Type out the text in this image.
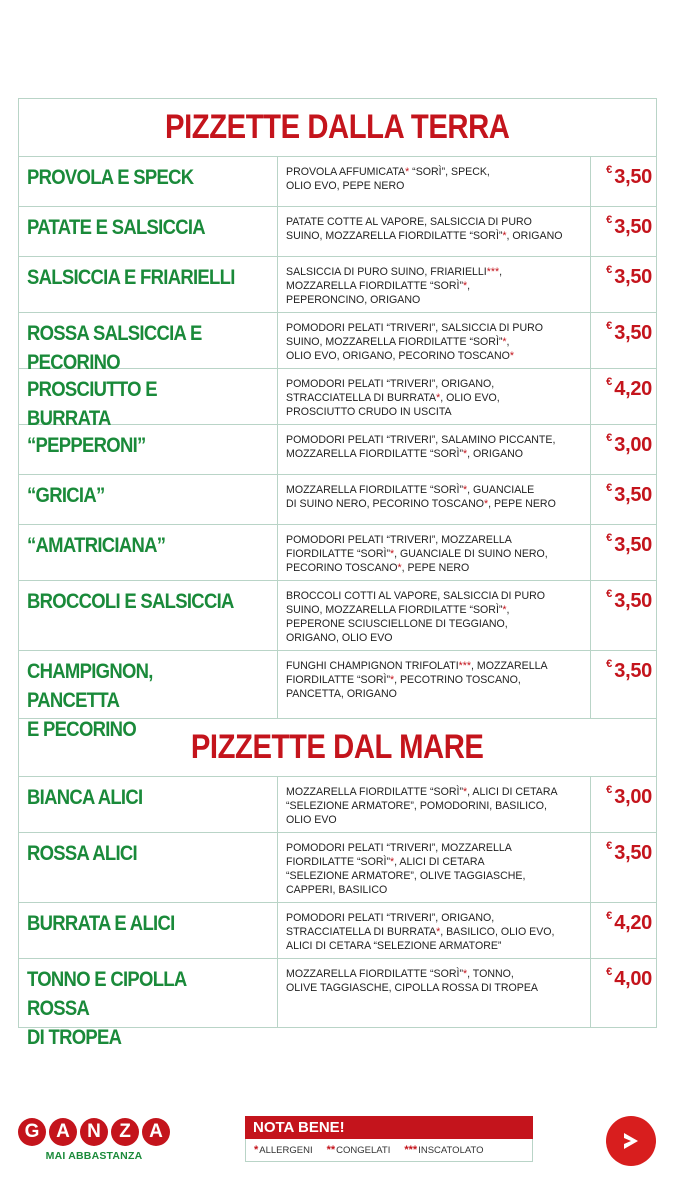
PIZZETTE DALLA TERRA
PROVOLA E SPECK	PROVOLA AFFUMICATA* “SORÌ”, SPECK,
OLIO EVO, PEPE NERO
€ 3,50
PATATE E SALSICCIA	PATATE COTTE AL VAPORE, SALSICCIA DI PURO
SUINO, MOZZARELLA FIORDILATTE “SORÌ”*, ORIGANO
€ 3,50
SALSICCIA E FRIARIELLI	SALSICCIA DI PURO SUINO, FRIARIELLI***,
MOZZARELLA FIORDILATTE “SORÌ”*,
PEPERONCINO, ORIGANO
€ 3,50
ROSSA SALSICCIA E PECORINO
POMODORI PELATI “TRIVERI”, SALSICCIA DI PURO
SUINO, MOZZARELLA FIORDILATTE “SORÌ”*,
OLIO EVO, ORIGANO, PECORINO TOSCANO*
€ 3,50
PROSCIUTTO E BURRATA
POMODORI PELATI “TRIVERI”, ORIGANO,
STRACCIATELLA DI BURRATA*, OLIO EVO,
PROSCIUTTO CRUDO IN USCITA
€ 4,20
“PEPPERONI”	POMODORI PELATI “TRIVERI”, SALAMINO PICCANTE,
MOZZARELLA FIORDILATTE “SORÌ”*, ORIGANO
€ 3,00
“GRICIA”	MOZZARELLA FIORDILATTE “SORÌ”*, GUANCIALE
DI SUINO NERO, PECORINO TOSCANO*, PEPE NERO
€ 3,50
“AMATRICIANA”	POMODORI PELATI “TRIVERI”, MOZZARELLA
FIORDILATTE “SORÌ”*, GUANCIALE DI SUINO NERO,
PECORINO TOSCANO*, PEPE NERO
€ 3,50
BROCCOLI E SALSICCIA	BROCCOLI COTTI AL VAPORE, SALSICCIA DI PURO
SUINO, MOZZARELLA FIORDILATTE “SORÌ”*,
PEPERONE SCIUSCIELLONE DI TEGGIANO,
ORIGANO, OLIO EVO
€ 3,50
CHAMPIGNON, PANCETTA
E PECORINO
FUNGHI CHAMPIGNON TRIFOLATI***, MOZZARELLA
FIORDILATTE “SORÌ”*, PECOTRINO TOSCANO,
PANCETTA, ORIGANO
€ 3,50
PIZZETTE DAL MARE
BIANCA ALICI	MOZZARELLA FIORDILATTE “SORÌ”*, ALICI DI CETARA
“SELEZIONE ARMATORE”, POMODORINI, BASILICO,
OLIO EVO
€ 3,00
ROSSA ALICI	POMODORI PELATI “TRIVERI”, MOZZARELLA
FIORDILATTE “SORÌ”*, ALICI DI CETARA
“SELEZIONE ARMATORE”, OLIVE TAGGIASCHE,
CAPPERI, BASILICO
€ 3,50
BURRATA E ALICI	POMODORI PELATI “TRIVERI”, ORIGANO,
STRACCIATELLA DI BURRATA*, BASILICO, OLIO EVO,
ALICI DI CETARA “SELEZIONE ARMATORE”
€ 4,20
TONNO E CIPOLLA ROSSA
DI TROPEA
MOZZARELLA FIORDILATTE “SORÌ”*, TONNO,
OLIVE TAGGIASCHE, CIPOLLA ROSSA DI TROPEA
€ 4,00
G A N Z A
MAI ABBASTANZA
NOTA BENE!
*ALLERGENI **CONGELATI ***INSCATOLATO
